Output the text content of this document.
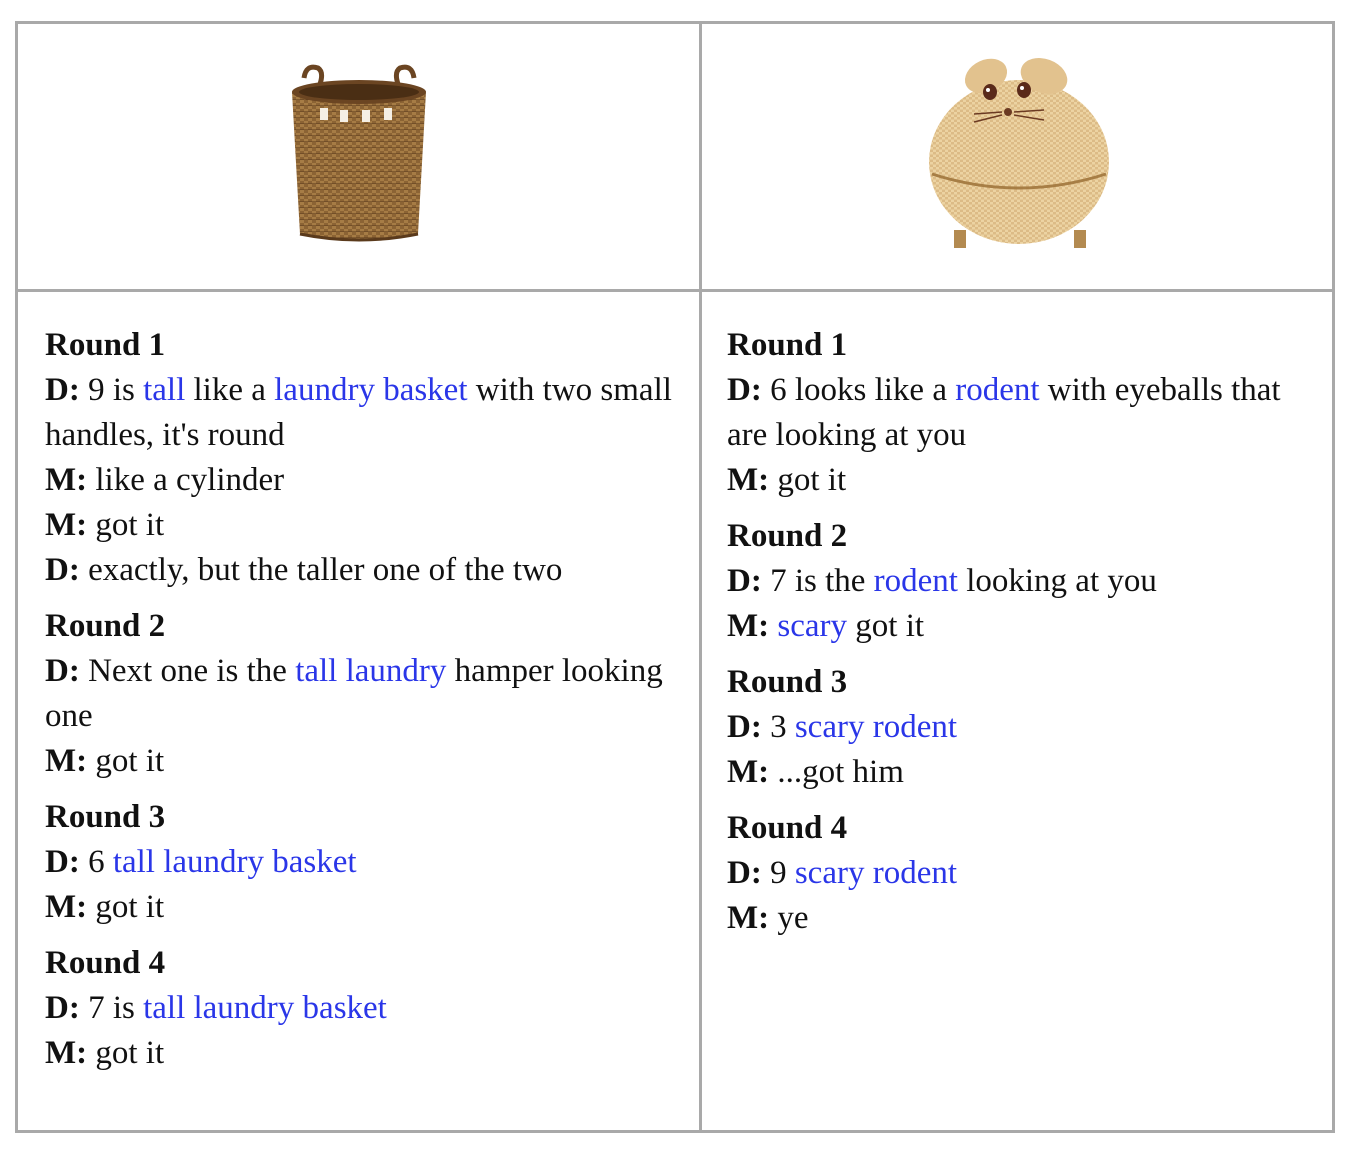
Round 1
D: 9 is tall like a laundry basket with two small handles, it's round
M: like a cylinder
M: got it
D: exactly, but the taller one of the two
Round 2
D: Next one is the tall laundry hamper looking one
M: got it
Round 3
D: 6 tall laundry basket
M: got it
Round 4
D: 7 is tall laundry basket
M: got it
Round 1
D: 6 looks like a rodent with eyeballs that are looking at you
M: got it
Round 2
D: 7 is the rodent looking at you
M: scary got it
Round 3
D: 3 scary rodent
M: ...got him
Round 4
D: 9 scary rodent
M: ye
